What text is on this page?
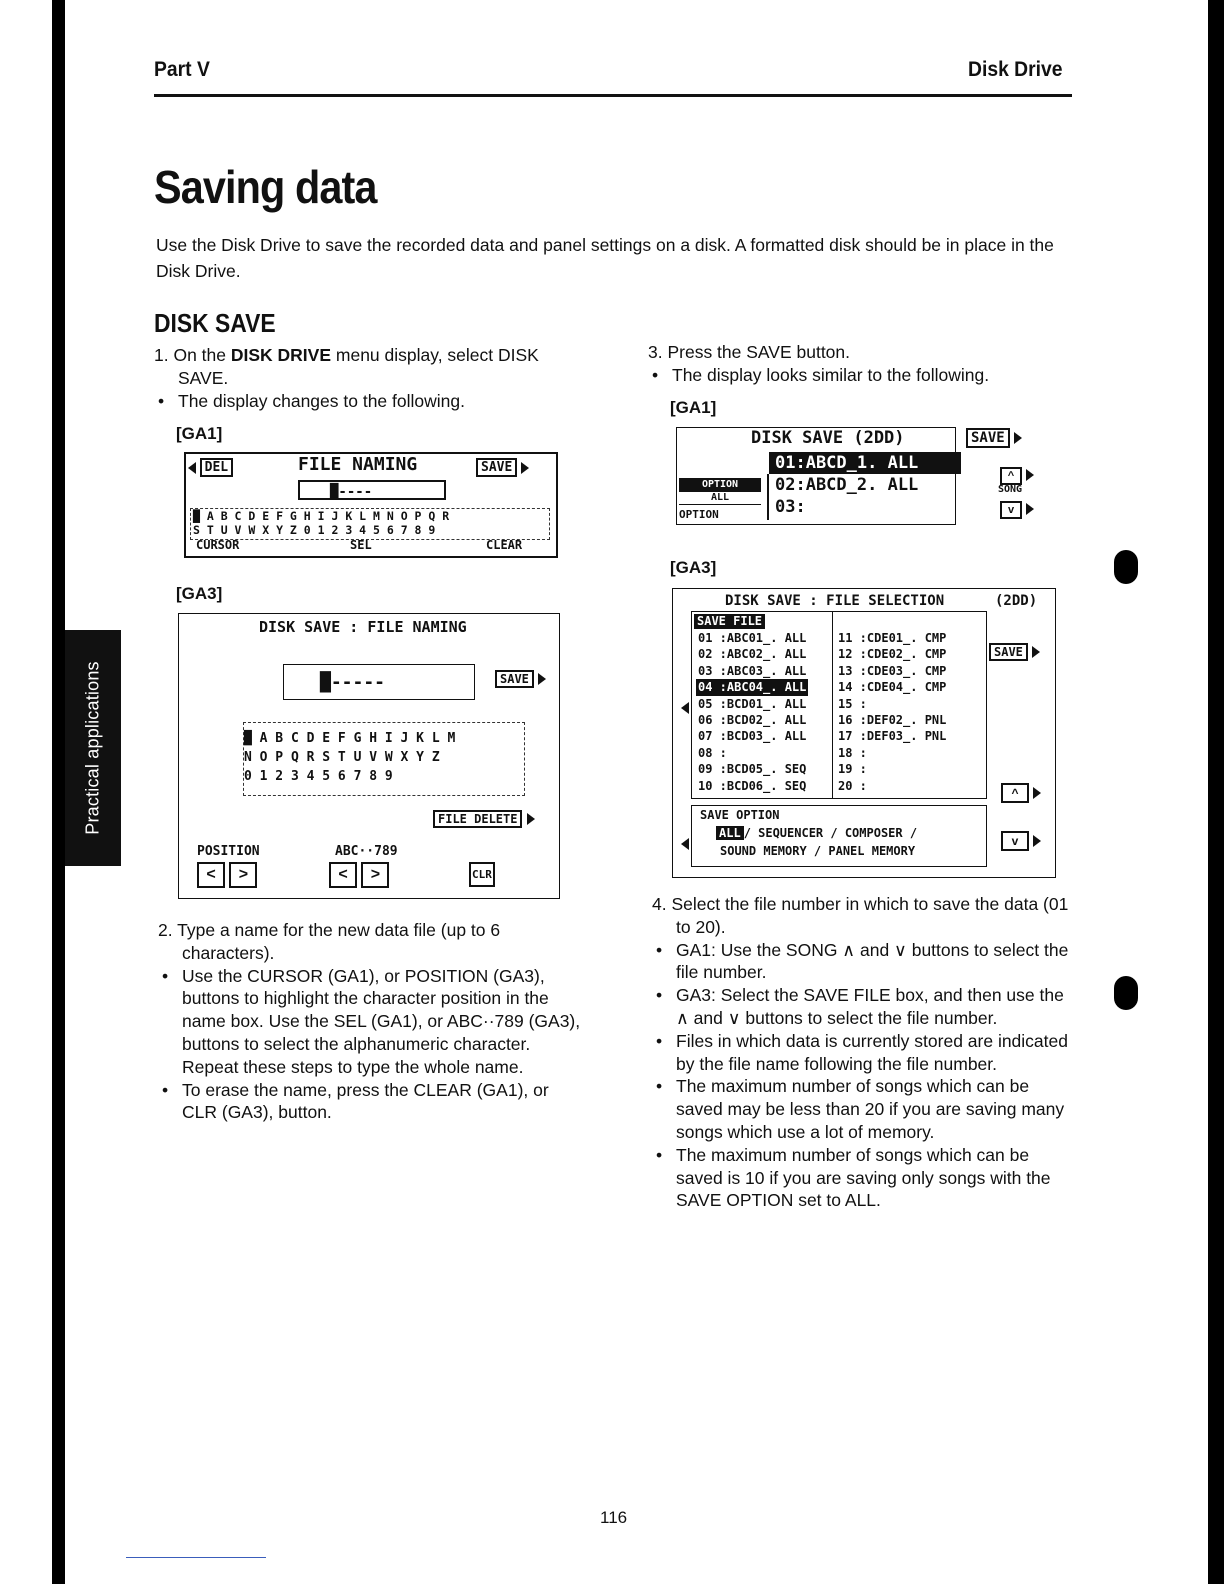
Practical applications
Part V	Disk Drive
Saving data
Use the Disk Drive to save the recorded data and panel settings on a disk. A formatted disk should be in place in the Disk Drive.
DISK SAVE

1. On the DISK DRIVE menu display, select DISK SAVE.

• The display changes to the following.

[GA1]
DEL	FILE NAMING	SAVE
█----
█ A B C D E F G H I J K L M N O P Q R
S T U V W X Y Z 0 1 2 3 4 5 6 7 8 9
CURSOR	SEL	CLEAR
[GA3]
DISK SAVE : FILE NAMING
█-----	SAVE
█ A B C D E F G H I J K L M
N O P Q R S T U V W X Y Z
0 1 2 3 4 5 6 7 8 9
FILE DELETE
POSITION
< >
ABC··789
< >	CLR

2. Type a name for the new data file (up to 6 characters).

• Use the CURSOR (GA1), or POSITION (GA3), buttons to highlight the character position in the name box. Use the SEL (GA1), or ABC··789 (GA3), buttons to select the alphanumeric character. Repeat these steps to type the whole name.

• To erase the name, press the CLEAR (GA1), or CLR (GA3), button.

3. Press the SAVE button.

• The display looks similar to the following.

[GA1]
DISK SAVE (2DD)
01:ABCD_1. ALL
02:ABCD_2. ALL
03:
OPTION
ALL
OPTION
SAVE
^
SONG
v
[GA3]
DISK SAVE : FILE SELECTION	(2DD)
SAVE FILE
01 :ABC01_. ALL
02 :ABC02_. ALL
03 :ABC03_. ALL
04 :ABC04_. ALL
05 :BCD01_. ALL
06 :BCD02_. ALL
07 :BCD03_. ALL
08 :
09 :BCD05_. SEQ
10 :BCD06_. SEQ
11 :CDE01_. CMP
12 :CDE02_. CMP
13 :CDE03_. CMP
14 :CDE04_. CMP
15 :
16 :DEF02_. PNL
17 :DEF03_. PNL
18 :
19 :
20 :
SAVE OPTION
ALL / SEQUENCER / COMPOSER /
SOUND MEMORY / PANEL MEMORY
SAVE
^
v

4. Select the file number in which to save the data (01 to 20).

• GA1: Use the SONG ∧ and ∨ buttons to select the file number.

• GA3: Select the SAVE FILE box, and then use the ∧ and ∨ buttons to select the file number.

• Files in which data is currently stored are indicated by the file name following the file number.

• The maximum number of songs which can be saved may be less than 20 if you are saving many songs which use a lot of memory.

• The maximum number of songs which can be saved is 10 if you are saving only songs with the SAVE OPTION set to ALL.

116
